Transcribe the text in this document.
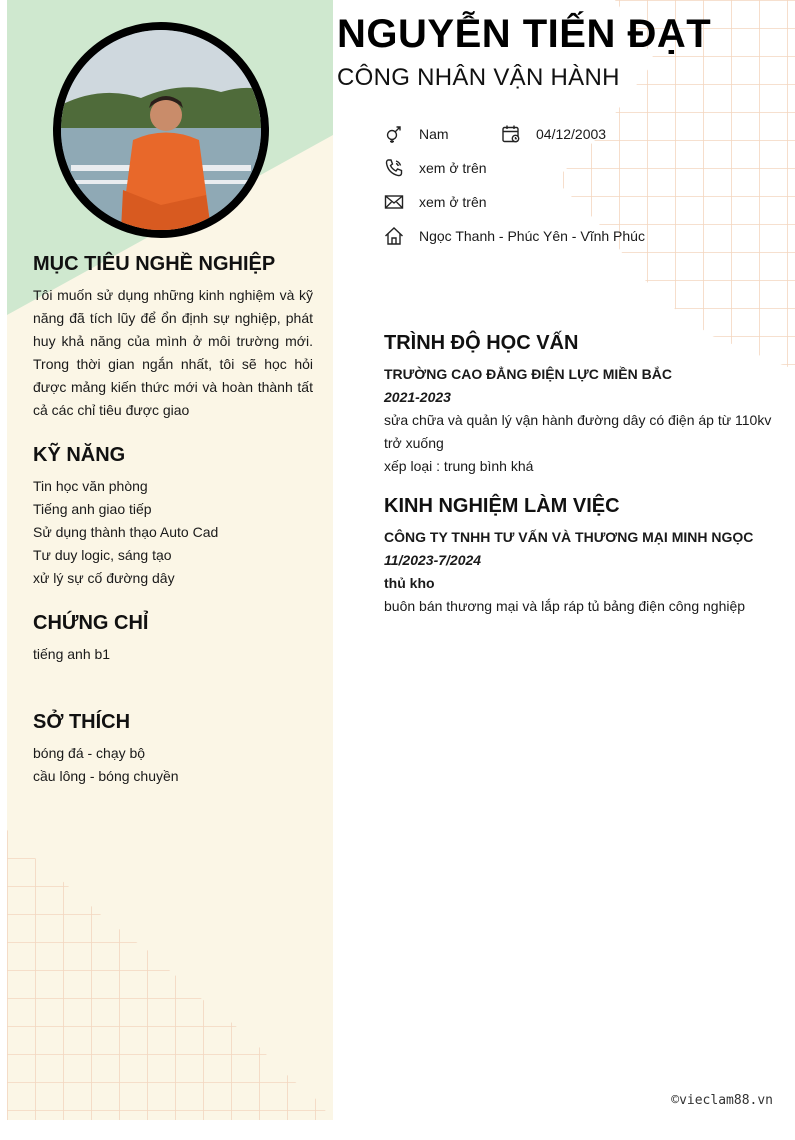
NGUYỄN TIẾN ĐẠT
CÔNG NHÂN VẬN HÀNH
Nam	04/12/2003
xem ở trên
xem ở trên
Ngọc Thanh - Phúc Yên - Vĩnh Phúc
MỤC TIÊU NGHỀ NGHIỆP
Tôi muốn sử dụng những kinh nghiệm và kỹ năng đã tích lũy để ổn định sự nghiệp, phát huy khả năng của mình ở môi trường mới. Trong thời gian ngắn nhất, tôi sẽ học hỏi được mảng kiến thức mới và hoàn thành tất cả các chỉ tiêu được giao
KỸ NĂNG
Tin học văn phòng
Tiếng anh giao tiếp
Sử dụng thành thạo Auto Cad
Tư duy logic, sáng tạo
xử lý sự cố đường dây
CHỨNG CHỈ
tiếng anh b1
SỞ THÍCH
bóng đá - chạy bộ
cầu lông - bóng chuyền
TRÌNH ĐỘ HỌC VẤN
TRƯỜNG CAO ĐẲNG ĐIỆN LỰC MIỀN BẮC
2021-2023
sửa chữa và quản lý vận hành đường dây có điện áp từ 110kv trở xuống
xếp loại : trung bình khá
KINH NGHIỆM LÀM VIỆC
CÔNG TY TNHH TƯ VẤN VÀ THƯƠNG MẠI MINH NGỌC
11/2023-7/2024
thủ kho
buôn bán thương mại và lắp ráp tủ bảng điện công nghiệp
©vieclam88.vn
